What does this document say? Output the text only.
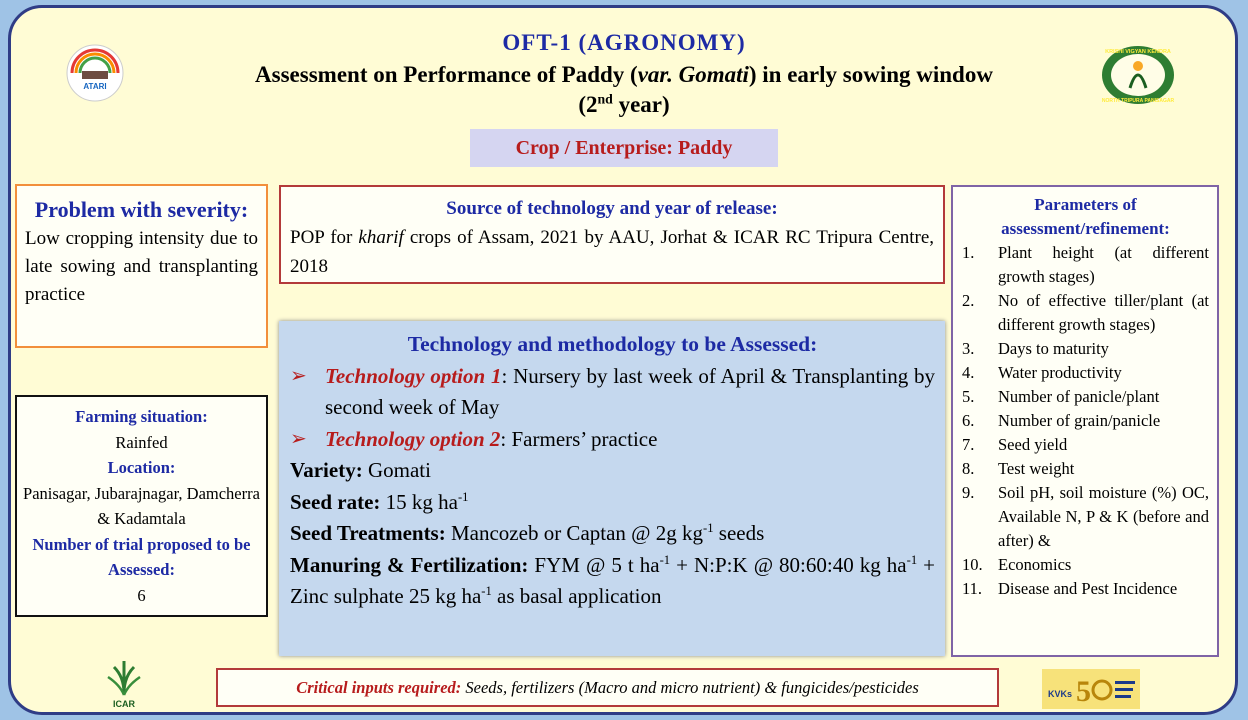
ATARI
KRISHI VIGYAN KENDRA
NORTH TRIPURA PANISAGAR
OFT-1 (AGRONOMY)
Assessment on Performance of Paddy (var. Gomati) in early sowing window
(2nd year)
Crop / Enterprise: Paddy
Problem with severity:
Low cropping intensity due to late sowing and transplanting practice
Farming situation:
Rainfed
Location:
Panisagar, Jubarajnagar, Damcherra & Kadamtala
Number of trial proposed to be Assessed:
6
Source of technology and year of release:
POP for kharif crops of Assam, 2021 by AAU, Jorhat & ICAR RC Tripura Centre, 2018
Technology and methodology to be Assessed:
➢ Technology option 1: Nursery by last week of April & Transplanting by second week of May
➢ Technology option 2: Farmers’ practice
Variety: Gomati
Seed rate: 15 kg $ha^{-1}$
Seed Treatments: Mancozeb or Captan @ 2g $kg^{-1}$ seeds
Manuring & Fertilization: FYM @ 5 t $ha^{-1}$ + N:P:K @ 80:60:40 kg $ha^{-1}$ + Zinc sulphate 25 kg $ha^{-1}$ as basal application
Parameters of assessment/refinement:
1.	Plant height (at different growth stages)
2.	No of effective tiller/plant (at different growth stages)
3.	Days to maturity
4.	Water productivity
5.	Number of panicle/plant
6.	Number of grain/panicle
7.	Seed yield
8.	Test weight
9.	Soil pH, soil moisture (%) OC, Available N, P & K (before and after) &
10. Economics
11. Disease and Pest Incidence
ICAR
Critical inputs required: Seeds, fertilizers (Macro and micro nutrient) & fungicides/pesticides	KVKs 5
